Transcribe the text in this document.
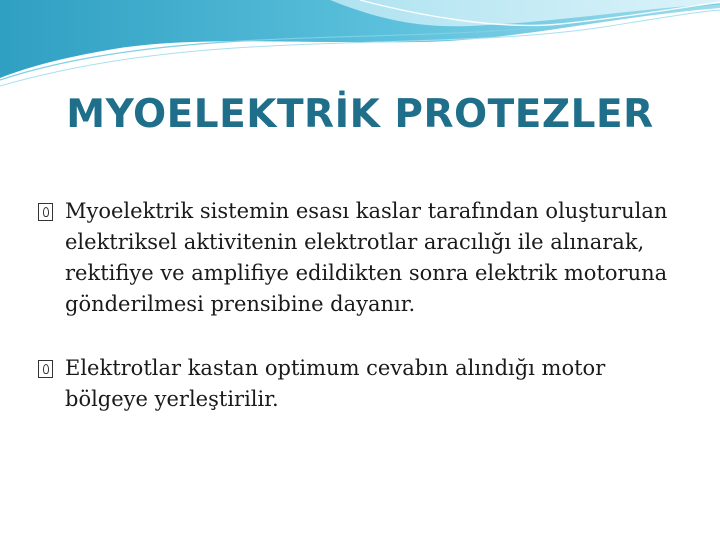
MYOELEKTRİK PROTEZLER
Myoelektrik sistemin esası kaslar tarafından oluşturulan elektriksel aktivitenin elektrotlar aracılığı ile alınarak, rektifiye ve amplifiye edildikten sonra elektrik motoruna gönderilmesi prensibine dayanır.
Elektrotlar kastan optimum cevabın alındığı motor bölgeye yerleştirilir.
